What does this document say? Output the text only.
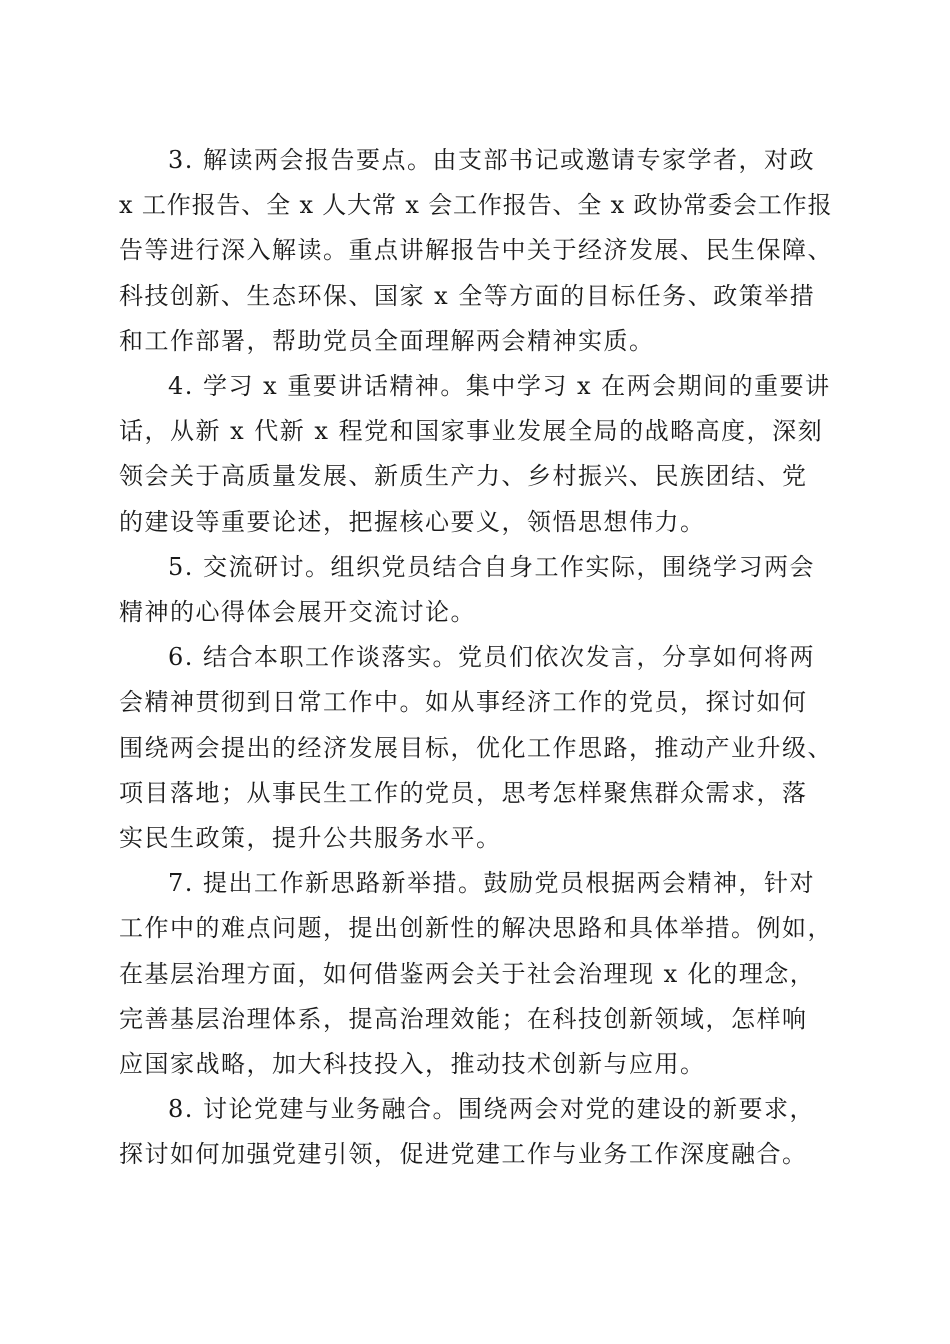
3. 解读两会报告要点。由支部书记或邀请专家学者，对政
x 工作报告、全 x 人大常 x 会工作报告、全 x 政协常委会工作报
告等进行深入解读。重点讲解报告中关于经济发展、民生保障、
科技创新、生态环保、国家 x 全等方面的目标任务、政策举措
和工作部署，帮助党员全面理解两会精神实质。

4. 学习 x 重要讲话精神。集中学习 x 在两会期间的重要讲
话，从新 x 代新 x 程党和国家事业发展全局的战略高度，深刻
领会关于高质量发展、新质生产力、乡村振兴、民族团结、党
的建设等重要论述，把握核心要义，领悟思想伟力。

5. 交流研讨。组织党员结合自身工作实际，围绕学习两会
精神的心得体会展开交流讨论。

6. 结合本职工作谈落实。党员们依次发言，分享如何将两
会精神贯彻到日常工作中。如从事经济工作的党员，探讨如何
围绕两会提出的经济发展目标，优化工作思路，推动产业升级、
项目落地；从事民生工作的党员，思考怎样聚焦群众需求，落
实民生政策，提升公共服务水平。

7. 提出工作新思路新举措。鼓励党员根据两会精神，针对
工作中的难点问题，提出创新性的解决思路和具体举措。例如，
在基层治理方面，如何借鉴两会关于社会治理现 x 化的理念，
完善基层治理体系，提高治理效能；在科技创新领域，怎样响
应国家战略，加大科技投入，推动技术创新与应用。

8. 讨论党建与业务融合。围绕两会对党的建设的新要求，
探讨如何加强党建引领，促进党建工作与业务工作深度融合。
